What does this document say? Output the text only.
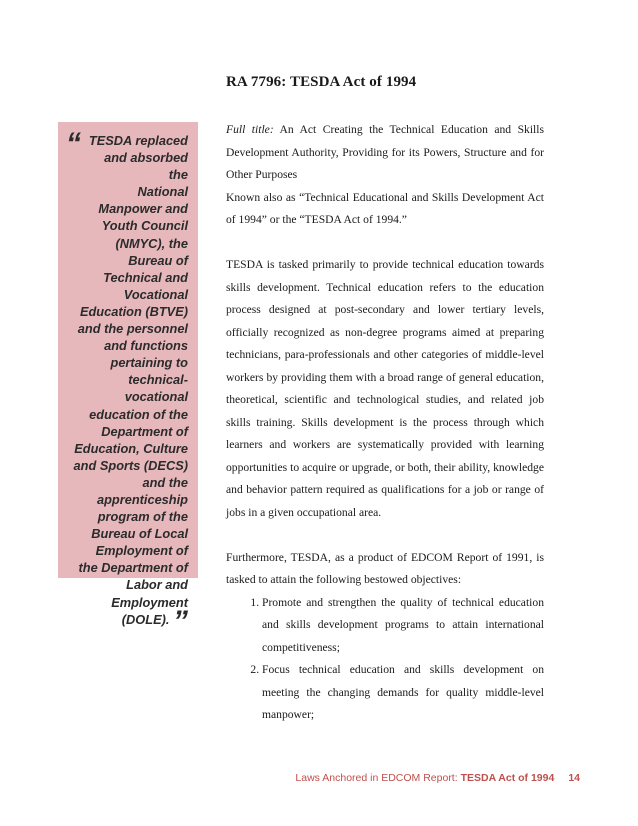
RA 7796: TESDA Act of 1994
“ TESDA replaced
and absorbed the
National
Manpower and
Youth Council
(NMYC), the
Bureau of
Technical and
Vocational
Education (BTVE)
and the personnel
and functions
pertaining to
technical-
vocational
education of the
Department of
Education, Culture
and Sports (DECS)
and the
apprenticeship
program of the
Bureau of Local
Employment of
the Department of
Labor and
Employment
(DOLE). ”

Full title: An Act Creating the Technical Education and Skills Development Authority, Providing for its Powers, Structure and for Other Purposes

Known also as “Technical Educational and Skills Development Act of 1994” or the “TESDA Act of 1994.”

TESDA is tasked primarily to provide technical education towards skills development. Technical education refers to the education process designed at post-secondary and lower tertiary levels, officially recognized as non-degree programs aimed at preparing technicians, para-professionals and other categories of middle-level workers by providing them with a broad range of general education, theoretical, scientific and technological studies, and related job skills training. Skills development is the process through which learners and workers are systematically provided with learning opportunities to acquire or upgrade, or both, their ability, knowledge and behavior pattern required as qualifications for a job or range of jobs in a given occupational area.

Furthermore, TESDA, as a product of EDCOM Report of 1991, is tasked to attain the following bestowed objectives:

1. Promote and strengthen the quality of technical education and skills development programs to attain international competitiveness;
2. Focus technical education and skills development on meeting the changing demands for quality middle-level manpower;
Laws Anchored in EDCOM Report: TESDA Act of 1994 14
